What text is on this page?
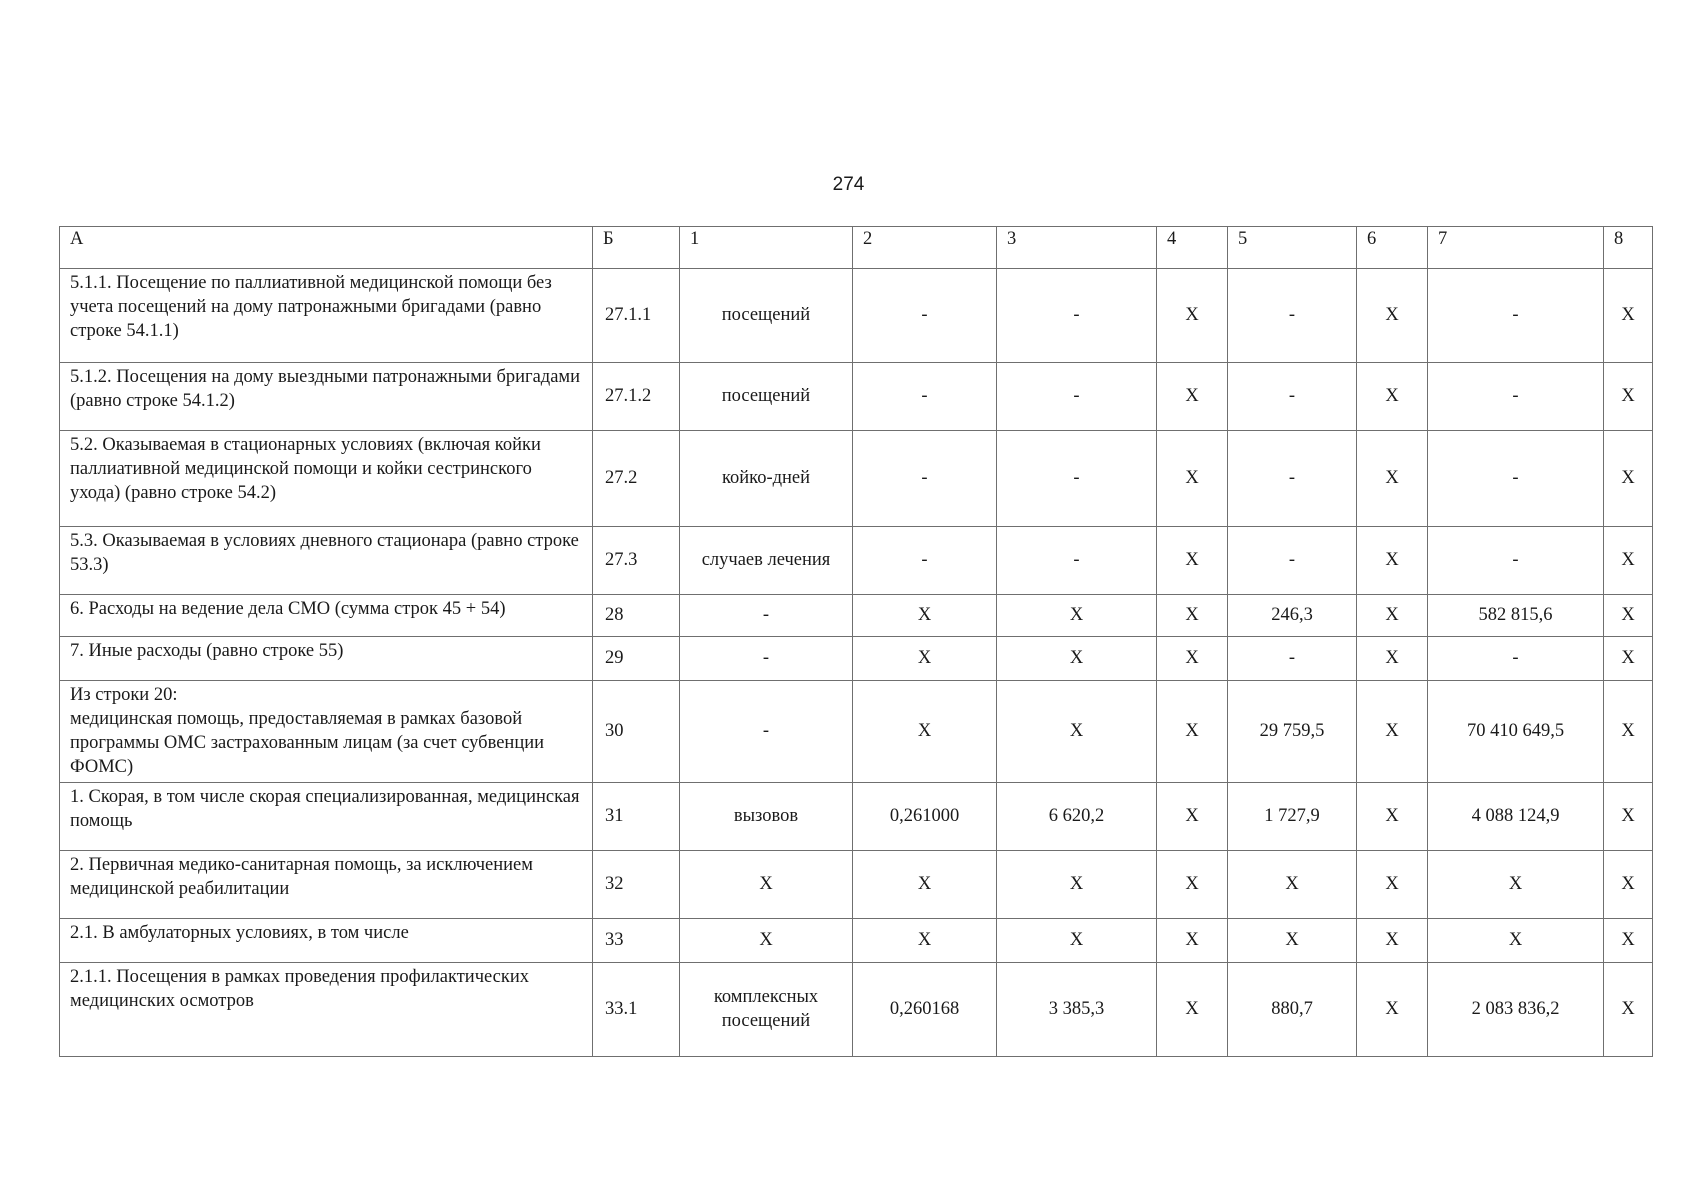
274
А	Б	1	2	3	4	5	6	7	8
5.1.1. Посещение по паллиативной медицинской помощи без учета посещений на дому патронажными бригадами (равно строке 54.1.1)	27.1.1	посещений	-	-	Х	-	Х	-	Х
5.1.2. Посещения на дому выездными патронажными бригадами (равно строке 54.1.2)	27.1.2	посещений	-	-	Х	-	Х	-	Х
5.2. Оказываемая в стационарных условиях (включая койки паллиативной медицинской помощи и койки сестринского ухода) (равно строке 54.2)	27.2	койко-дней	-	-	Х	-	Х	-	Х
5.3. Оказываемая в условиях дневного стационара (равно строке 53.3)	27.3	случаев лечения	-	-	Х	-	Х	-	Х
6. Расходы на ведение дела СМО (сумма строк 45 + 54)	28	-	Х	Х	Х	246,3	Х	582 815,6	Х
7. Иные расходы (равно строке 55)	29	-	Х	Х	Х	-	Х	-	Х
Из строки 20:
медицинская помощь, предоставляемая в рамках базовой программы ОМС застрахованным лицам (за счет субвенции ФОМС)	30	-	Х	Х	Х	29 759,5	Х	70 410 649,5	Х
1. Скорая, в том числе скорая специализированная, медицинская помощь	31	вызовов	0,261000	6 620,2	Х	1 727,9	Х	4 088 124,9	Х
2. Первичная медико-санитарная помощь, за исключением медицинской реабилитации	32	Х	Х	Х	Х	Х	Х	Х	Х
2.1. В амбулаторных условиях, в том числе	33	Х	Х	Х	Х	Х	Х	Х	Х
2.1.1. Посещения в рамках проведения профилактических медицинских осмотров	33.1	комплексных посещений	0,260168	3 385,3	Х	880,7	Х	2 083 836,2	Х
